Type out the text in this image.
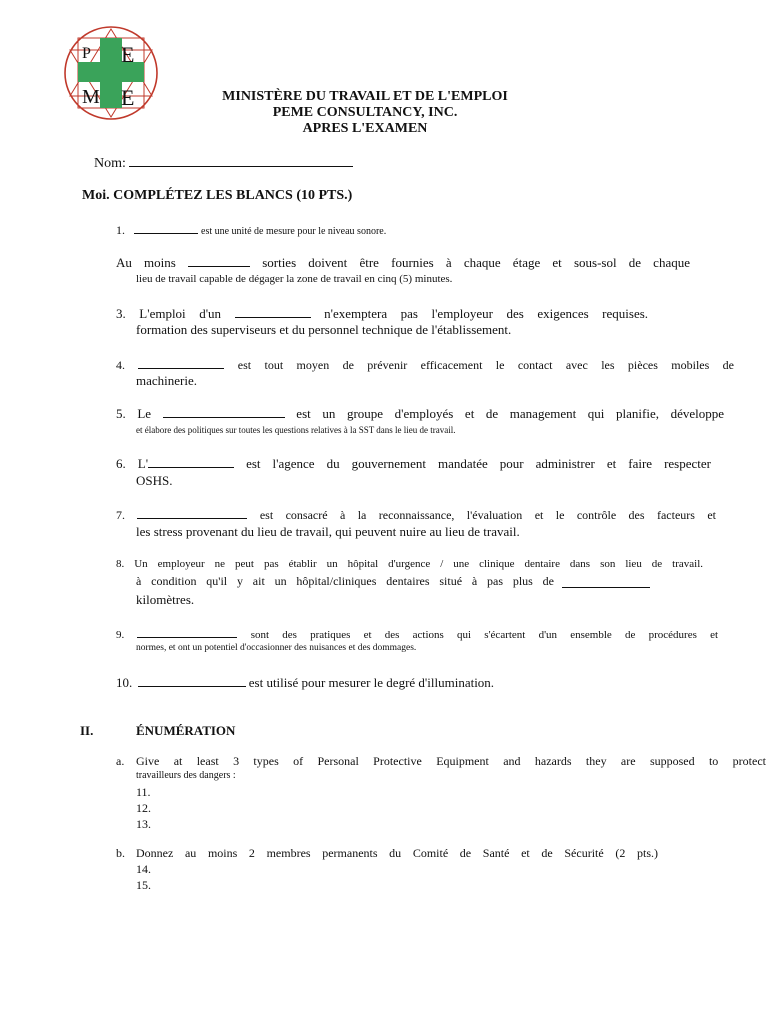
P E
M E	MINISTÈRE DU TRAVAIL ET DE L'EMPLOI
PEME CONSULTANCY, INC.
APRES L'EXAMEN
Nom:
Moi. COMPLÉTEZ LES BLANCS (10 PTS.)
1.	est une unité de mesure pour le niveau sonore.
Au moins	sorties doivent être fournies à chaque étage et sous-sol de chaque
lieu de travail capable de dégager la zone de travail en cinq (5) minutes.
3. L'emploi d'un	n'exemptera pas l'employeur des exigences requises.
formation des superviseurs et du personnel technique de l'établissement.
4.	est tout moyen de prévenir efficacement le contact avec les pièces mobiles de
machinerie.
5. Le	est un groupe d'employés et de management qui planifie, développe
et élabore des politiques sur toutes les questions relatives à la SST dans le lieu de travail.
6. L'	est l'agence du gouvernement mandatée pour administrer et faire respecter
OSHS.
7.	est consacré à la reconnaissance, l'évaluation et le contrôle des facteurs et
les stress provenant du lieu de travail, qui peuvent nuire au lieu de travail.
8. Un employeur ne peut pas établir un hôpital d'urgence / une clinique dentaire dans son lieu de travail.
à condition qu'il y ait un hôpital/cliniques dentaires situé à pas plus de
kilomètres.
9.	sont des pratiques et des actions qui s'écartent d'un ensemble de procédures et
normes, et ont un potentiel d'occasionner des nuisances et des dommages.
10.	est utilisé pour mesurer le degré d'illumination.
II.	ÉNUMÉRATION
a. Give at least 3 types of Personal Protective Equipment and hazards they are supposed to protect
travailleurs des dangers :
11.
12.
13.
b. Donnez au moins 2 membres permanents du Comité de Santé et de Sécurité (2 pts.)
14.
15.
